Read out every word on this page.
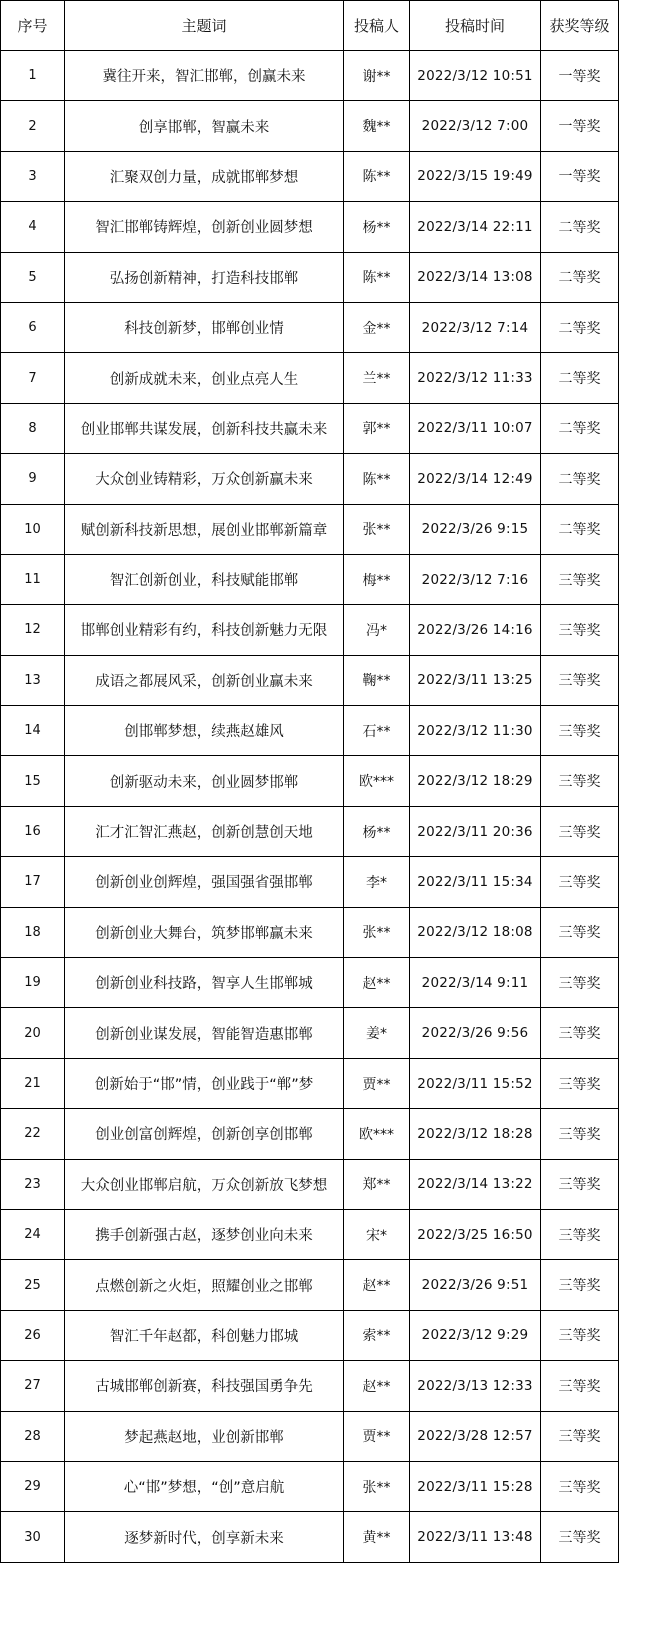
序号	主题词	投稿人	投稿时间	获奖等级
1	冀往开来，智汇邯郸，创赢未来	谢**	2022/3/12 10:51	一等奖
2	创享邯郸，智赢未来	魏**	2022/3/12 7:00	一等奖
3	汇聚双创力量，成就邯郸梦想	陈**	2022/3/15 19:49	一等奖
4	智汇邯郸铸辉煌，创新创业圆梦想	杨**	2022/3/14 22:11	二等奖
5	弘扬创新精神，打造科技邯郸	陈**	2022/3/14 13:08	二等奖
6	科技创新梦，邯郸创业情	金**	2022/3/12 7:14	二等奖
7	创新成就未来，创业点亮人生	兰**	2022/3/12 11:33	二等奖
8	创业邯郸共谋发展，创新科技共赢未来	郭**	2022/3/11 10:07	二等奖
9	大众创业铸精彩，万众创新赢未来	陈**	2022/3/14 12:49	二等奖
10	赋创新科技新思想，展创业邯郸新篇章	张**	2022/3/26 9:15	二等奖
11	智汇创新创业，科技赋能邯郸	梅**	2022/3/12 7:16	三等奖
12	邯郸创业精彩有约，科技创新魅力无限	冯*	2022/3/26 14:16	三等奖
13	成语之都展风采，创新创业赢未来	鞠**	2022/3/11 13:25	三等奖
14	创邯郸梦想，续燕赵雄风	石**	2022/3/12 11:30	三等奖
15	创新驱动未来，创业圆梦邯郸	欧***	2022/3/12 18:29	三等奖
16	汇才汇智汇燕赵，创新创慧创天地	杨**	2022/3/11 20:36	三等奖
17	创新创业创辉煌，强国强省强邯郸	李*	2022/3/11 15:34	三等奖
18	创新创业大舞台，筑梦邯郸赢未来	张**	2022/3/12 18:08	三等奖
19	创新创业科技路，智享人生邯郸城	赵**	2022/3/14 9:11	三等奖
20	创新创业谋发展，智能智造惠邯郸	姜*	2022/3/26 9:56	三等奖
21	创新始于“邯”情，创业践于“郸”梦	贾**	2022/3/11 15:52	三等奖
22	创业创富创辉煌，创新创享创邯郸	欧***	2022/3/12 18:28	三等奖
23	大众创业邯郸启航，万众创新放飞梦想	郑**	2022/3/14 13:22	三等奖
24	携手创新强古赵，逐梦创业向未来	宋*	2022/3/25 16:50	三等奖
25	点燃创新之火炬，照耀创业之邯郸	赵**	2022/3/26 9:51	三等奖
26	智汇千年赵都，科创魅力邯城	索**	2022/3/12 9:29	三等奖
27	古城邯郸创新赛，科技强国勇争先	赵**	2022/3/13 12:33	三等奖
28	梦起燕赵地，业创新邯郸	贾**	2022/3/28 12:57	三等奖
29	心“邯”梦想，“创”意启航	张**	2022/3/11 15:28	三等奖
30	逐梦新时代，创享新未来	黄**	2022/3/11 13:48	三等奖
